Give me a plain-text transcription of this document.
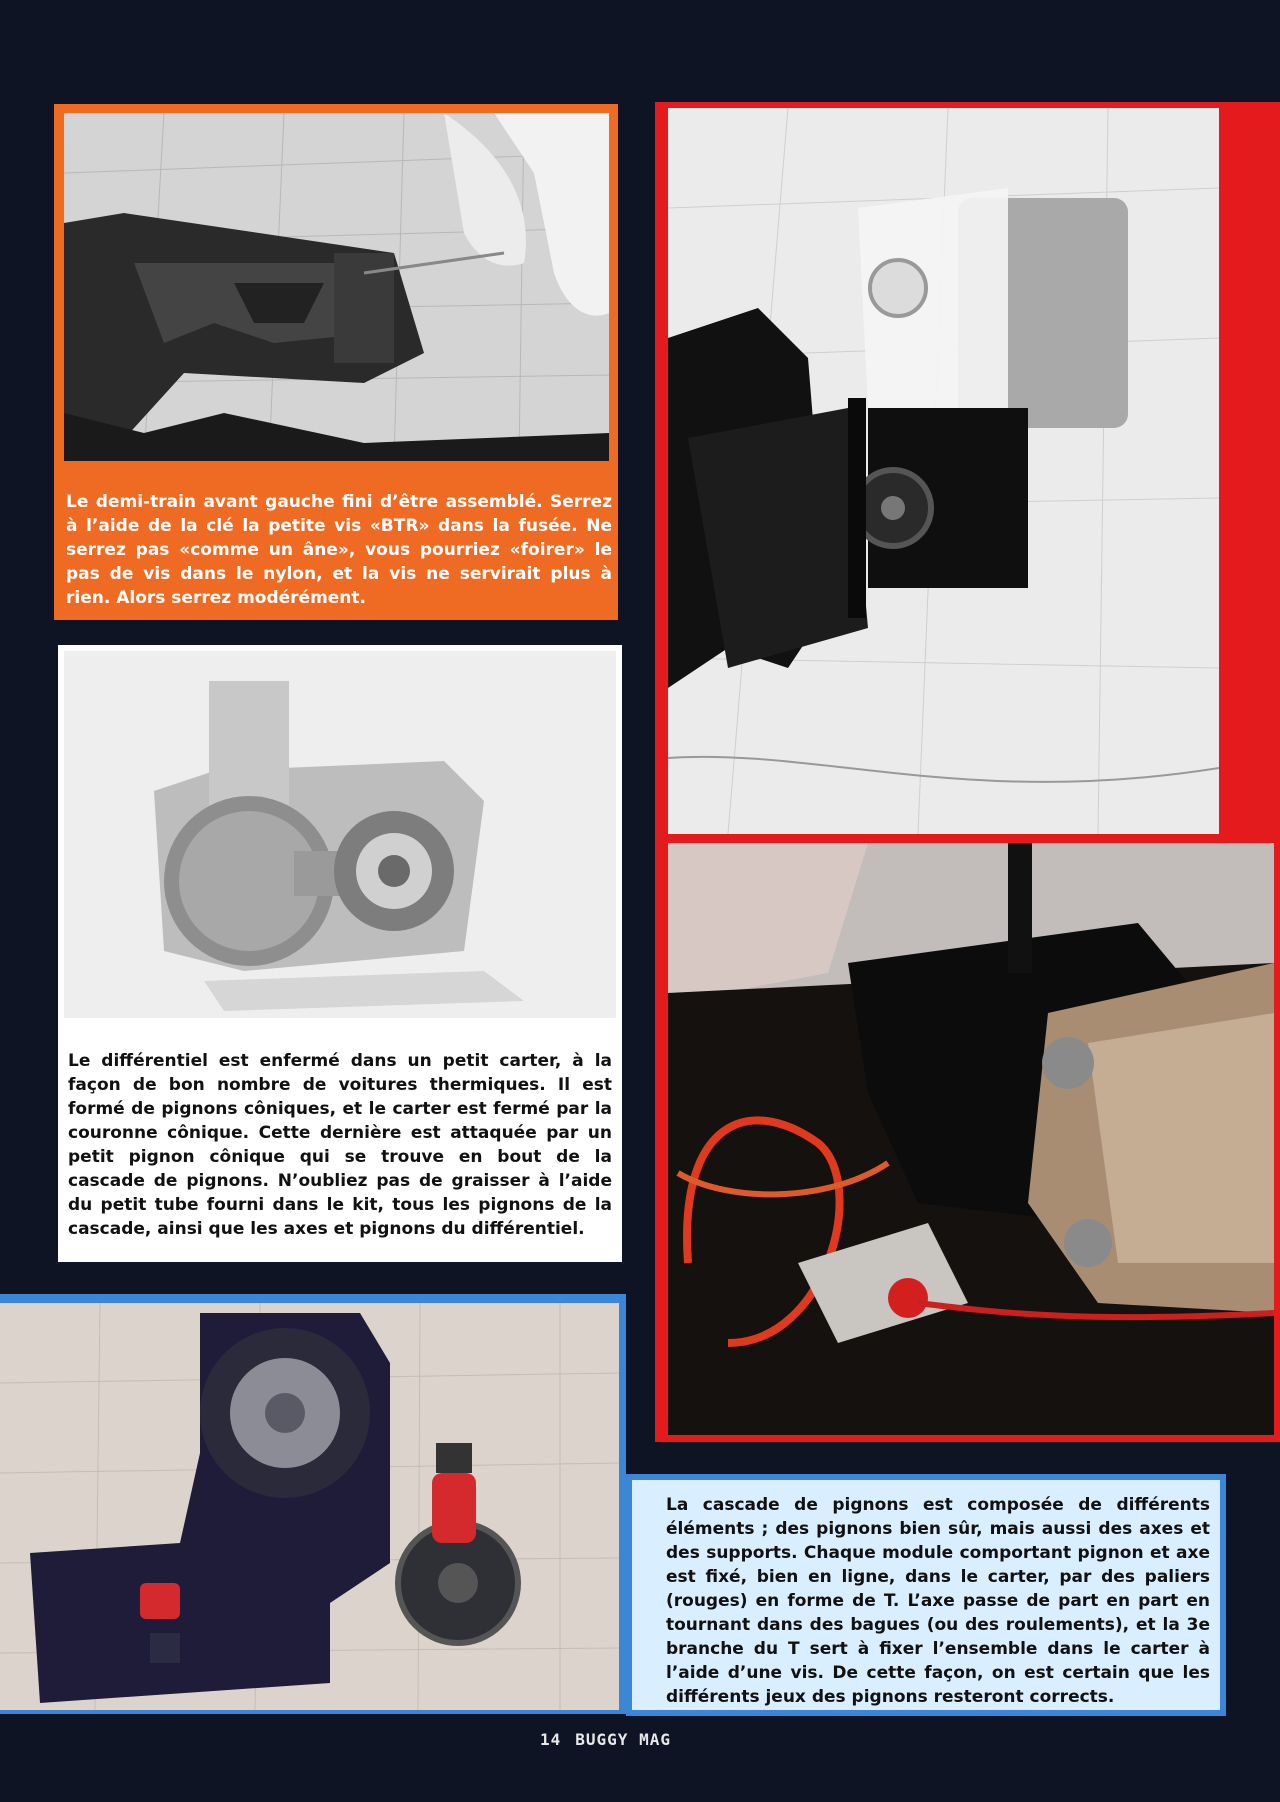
Le demi-train avant gauche fini d’être assemblé. Serrez à l’aide de la clé la petite vis «BTR» dans la fusée. Ne serrez pas «comme un âne», vous pourriez «foirer» le pas de vis dans le nylon, et la vis ne servirait plus à rien. Alors serrez modérément.

Le différentiel est enfermé dans un petit carter, à la façon de bon nombre de voitures thermiques. Il est formé de pignons côniques, et le carter est fermé par la couronne cônique. Cette dernière est attaquée par un petit pignon cônique qui se trouve en bout de la cascade de pignons. N’oubliez pas de graisser à l’aide du petit tube fourni dans le kit, tous les pignons de la cascade, ainsi que les axes et pignons du différentiel.

La cascade de pignons est composée de différents éléments ; des pignons bien sûr, mais aussi des axes et des supports. Chaque module comportant pignon et axe est fixé, bien en ligne, dans le carter, par des paliers (rouges) en forme de T. L’axe passe de part en part en tournant dans des bagues (ou des roulements), et la 3e branche du T sert à fixer l’ensemble dans le carter à l’aide d’une vis. De cette façon, on est certain que les différents jeux des pignons resteront corrects.

14 BUGGY MAG
